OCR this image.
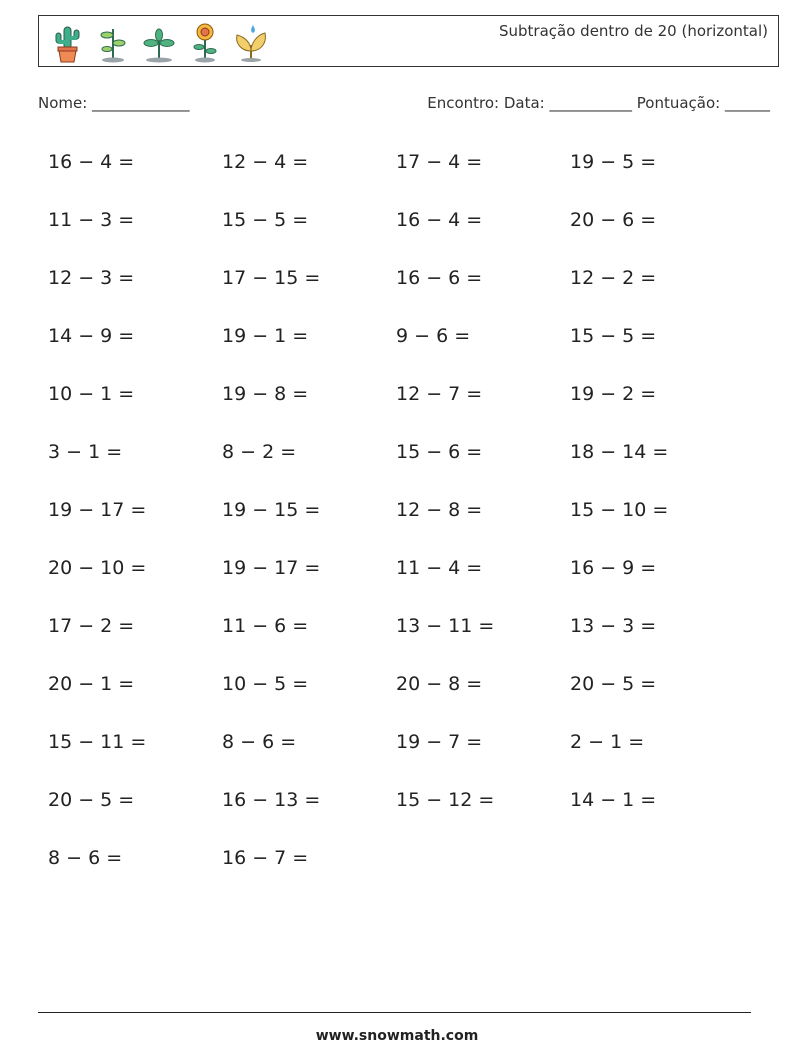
Subtração dentro de 20 (horizontal)
Nome: _____________	Encontro: Data: ___________ Pontuação: ______
16 − 4 =	12 − 4 =	17 − 4 =	19 − 5 =
11 − 3 =	15 − 5 =	16 − 4 =	20 − 6 =
12 − 3 =	17 − 15 =	16 − 6 =	12 − 2 =
14 − 9 =	19 − 1 =	9 − 6 =	15 − 5 =
10 − 1 =	19 − 8 =	12 − 7 =	19 − 2 =
3 − 1 =	8 − 2 =	15 − 6 =	18 − 14 =
19 − 17 =	19 − 15 =	12 − 8 =	15 − 10 =
20 − 10 =	19 − 17 =	11 − 4 =	16 − 9 =
17 − 2 =	11 − 6 =	13 − 11 =	13 − 3 =
20 − 1 =	10 − 5 =	20 − 8 =	20 − 5 =
15 − 11 =	8 − 6 =	19 − 7 =	2 − 1 =
20 − 5 =	16 − 13 =	15 − 12 =	14 − 1 =
8 − 6 =	16 − 7 =
www.snowmath.com
